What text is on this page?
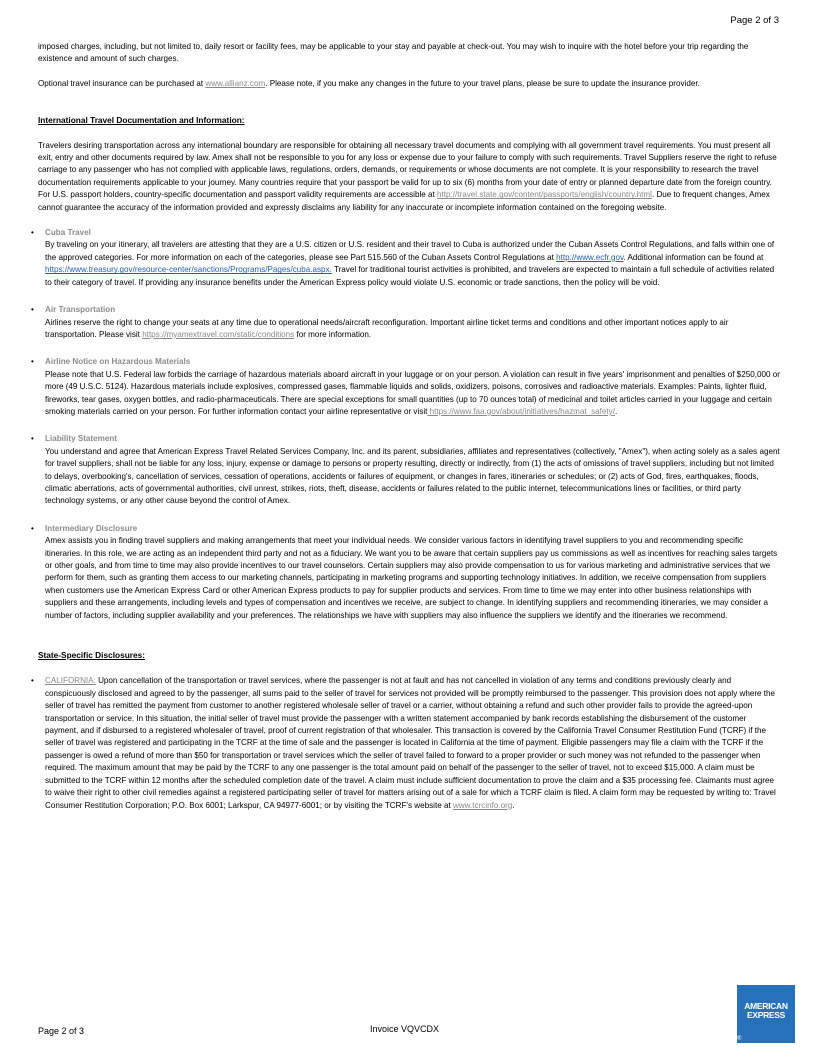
Page 2 of 3

imposed charges, including, but not limited to, daily resort or facility fees, may be applicable to your stay and payable at check-out. You may wish to inquire with the hotel before your trip regarding the existence and amount of such charges.

Optional travel insurance can be purchased at www.allianz.com. Please note, if you make any changes in the future to your travel plans, please be sure to update the insurance provider.

International Travel Documentation and Information:

Travelers desiring transportation across any international boundary are responsible for obtaining all necessary travel documents and complying with all government travel requirements. You must present all exit, entry and other documents required by law. Amex shall not be responsible to you for any loss or expense due to your failure to comply with such requirements. Travel Suppliers reserve the right to refuse carriage to any passenger who has not complied with applicable laws, regulations, orders, demands, or requirements or whose documents are not complete. It is your responsibility to research the travel documentation requirements applicable to your journey. Many countries require that your passport be valid for up to six (6) months from your date of entry or planned departure date from the foreign country. For U.S. passport holders, country-specific documentation and passport validity requirements are accessible at http://travel.state.gov/content/passports/english/country.html. Due to frequent changes, Amex cannot guarantee the accuracy of the information provided and expressly disclaims any liability for any inaccurate or incomplete information contained on the foregoing website.

• Cuba Travel

By traveling on your itinerary, all travelers are attesting that they are a U.S. citizen or U.S. resident and their travel to Cuba is authorized under the Cuban Assets Control Regulations, and falls within one of the approved categories. For more information on each of the categories, please see Part 515.560 of the Cuban Assets Control Regulations at http://www.ecfr.gov. Additional information can be found at https://www.treasury.gov/resource-center/sanctions/Programs/Pages/cuba.aspx. Travel for traditional tourist activities is prohibited, and travelers are expected to maintain a full schedule of activities related to their category of travel. If providing any insurance benefits under the American Express policy would violate U.S. economic or trade sanctions, then the policy will be void.

• Air Transportation

Airlines reserve the right to change your seats at any time due to operational needs/aircraft reconfiguration. Important airline ticket terms and conditions and other important notices apply to air transportation. Please visit https://myamextravel.com/static/conditions for more information.

• Airline Notice on Hazardous Materials

Please note that U.S. Federal law forbids the carriage of hazardous materials aboard aircraft in your luggage or on your person. A violation can result in five years' imprisonment and penalties of $250,000 or more (49 U.S.C. 5124). Hazardous materials include explosives, compressed gases, flammable liquids and solids, oxidizers, poisons, corrosives and radioactive materials. Examples: Paints, lighter fluid, fireworks, tear gases, oxygen bottles, and radio-pharmaceuticals. There are special exceptions for small quantities (up to 70 ounces total) of medicinal and toilet articles carried in your luggage and certain smoking materials carried on your person. For further information contact your airline representative or visit https://www.faa.gov/about/initiatives/hazmat_safety/.

• Liability Statement

You understand and agree that American Express Travel Related Services Company, Inc. and its parent, subsidiaries, affiliates and representatives (collectively, "Amex"), when acting solely as a sales agent for travel suppliers, shall not be liable for any loss, injury, expense or damage to persons or property resulting, directly or indirectly, from (1) the acts of omissions of travel suppliers, including but not limited to delays, overbooking's, cancellation of services, cessation of operations, accidents or failures of equipment, or changes in fares, itineraries or schedules; or (2) acts of God, fires, earthquakes, floods, climatic aberrations, acts of governmental authorities, civil unrest, strikes, riots, theft, disease, accidents or failures related to the public internet, telecommunications lines or facilities, or third party technology systems, or any other cause beyond the control of Amex.

• Intermediary Disclosure

Amex assists you in finding travel suppliers and making arrangements that meet your individual needs. We consider various factors in identifying travel suppliers to you and recommending specific itineraries. In this role, we are acting as an independent third party and not as a fiduciary. We want you to be aware that certain suppliers pay us commissions as well as incentives for reaching sales targets or other goals, and from time to time may also provide incentives to our travel counselors. Certain suppliers may also provide compensation to us for various marketing and administrative services that we perform for them, such as granting them access to our marketing channels, participating in marketing programs and supporting technology initiatives. In addition, we receive compensation from suppliers when customers use the American Express Card or other American Express products to pay for supplier products and services. From time to time we may enter into other business relationships with suppliers and these arrangements, including levels and types of compensation and incentives we receive, are subject to change. In identifying suppliers and recommending itineraries, we may consider a number of factors, including supplier availability and your preferences. The relationships we have with suppliers may also influence the suppliers we identify and the itineraries we recommend.

State-Specific Disclosures:

• CALIFORNIA: Upon cancellation of the transportation or travel services, where the passenger is not at fault and has not cancelled in violation of any terms and conditions previously clearly and conspicuously disclosed and agreed to by the passenger, all sums paid to the seller of travel for services not provided will be promptly reimbursed to the passenger. This provision does not apply where the seller of travel has remitted the payment from customer to another registered wholesale seller of travel or a carrier, without obtaining a refund and such other provider fails to provide the agreed-upon transportation or service. In this situation, the initial seller of travel must provide the passenger with a written statement accompanied by bank records establishing the disbursement of the customer payment, and if disbursed to a registered wholesaler of travel, proof of current registration of that wholesaler. This transaction is covered by the California Travel Consumer Restitution Fund (TCRF) if the seller of travel was registered and participating in the TCRF at the time of sale and the passenger is located in California at the time of payment. Eligible passengers may file a claim with the TCRF if the passenger is owed a refund of more than $50 for transportation or travel services which the seller of travel failed to forward to a proper provider or such money was not refunded to the passenger when required. The maximum amount that may be paid by the TCRF to any one passenger is the total amount paid on behalf of the passenger to the seller of travel, not to exceed $15,000. A claim must be submitted to the TCRF within 12 months after the scheduled completion date of the travel. A claim must include sufficient documentation to prove the claim and a $35 processing fee. Claimants must agree to waive their right to other civil remedies against a registered participating seller of travel for matters arising out of a sale for which a TCRF claim is filed. A claim form may be requested by writing to: Travel Consumer Restitution Corporation; P.O. Box 6001; Larkspur, CA 94977-6001; or by visiting the TCRF's website at www.tcrcinfo.org.

Page 2 of 3	Invoice VQVCDX
AMERICAN
EXPRESS
®
